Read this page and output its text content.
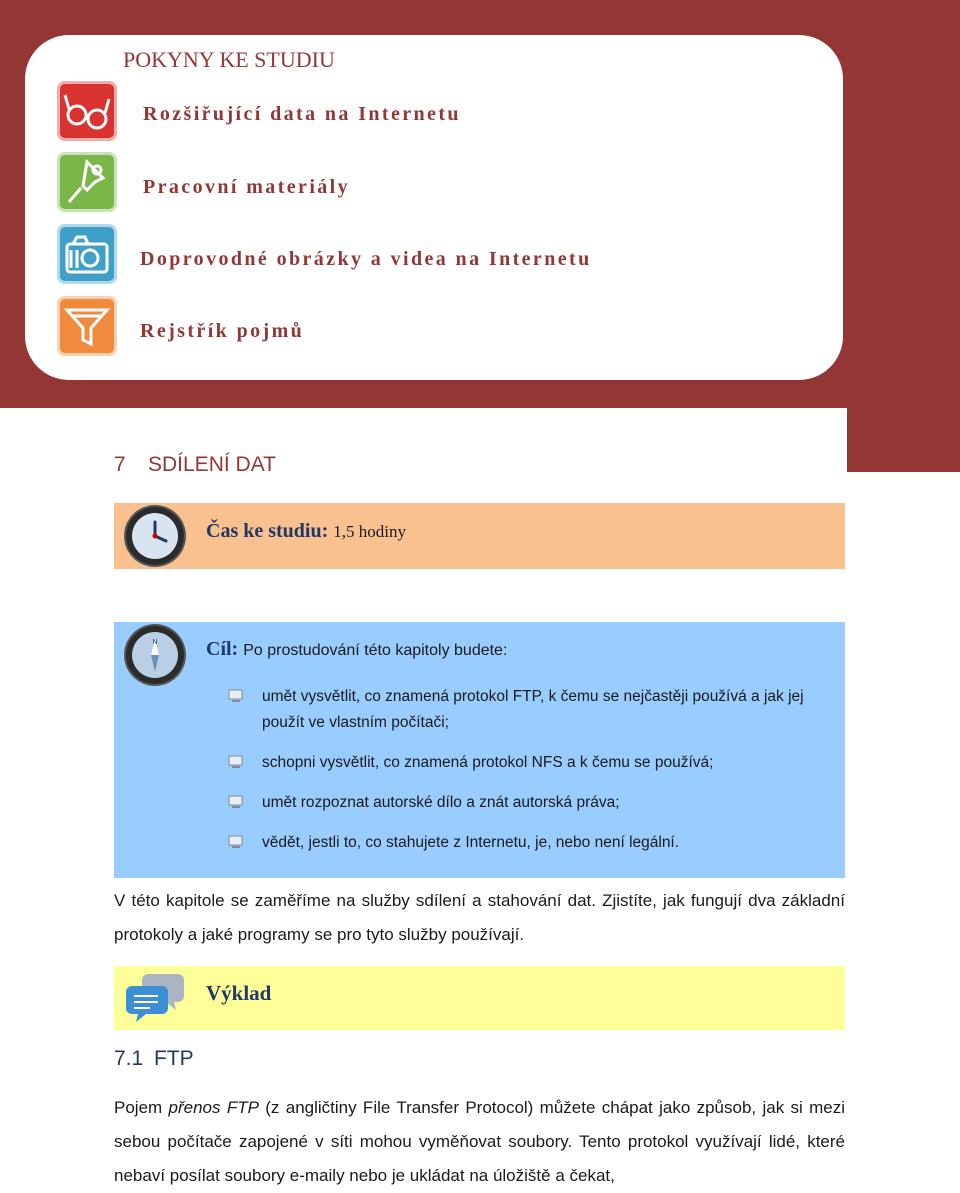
POKYNY KE STUDIU
Rozšiřující data na Internetu
Pracovní materiály
Doprovodné obrázky a videa na Internetu
Rejstřík pojmů
7 SDÍLENÍ DAT
Čas ke studiu: 1,5 hodiny
N Cíl: Po prostudování této kapitoly budete:
umět vysvětlit, co znamená protokol FTP, k čemu se nejčastěji používá a jak jej použít ve vlastním počítači;
schopni vysvětlit, co znamená protokol NFS a k čemu se používá;
umět rozpoznat autorské dílo a znát autorská práva;
vědět, jestli to, co stahujete z Internetu, je, nebo není legální.
V této kapitole se zaměříme na služby sdílení a stahování dat. Zjistíte, jak fungují dva základní protokoly a jaké programy se pro tyto služby používají.
Výklad
7.1 FTP
Pojem přenos FTP (z angličtiny File Transfer Protocol) můžete chápat jako způsob, jak si mezi sebou počítače zapojené v síti mohou vyměňovat soubory. Tento protokol využívají lidé, které nebaví posílat soubory e-maily nebo je ukládat na úložiště a čekat,
